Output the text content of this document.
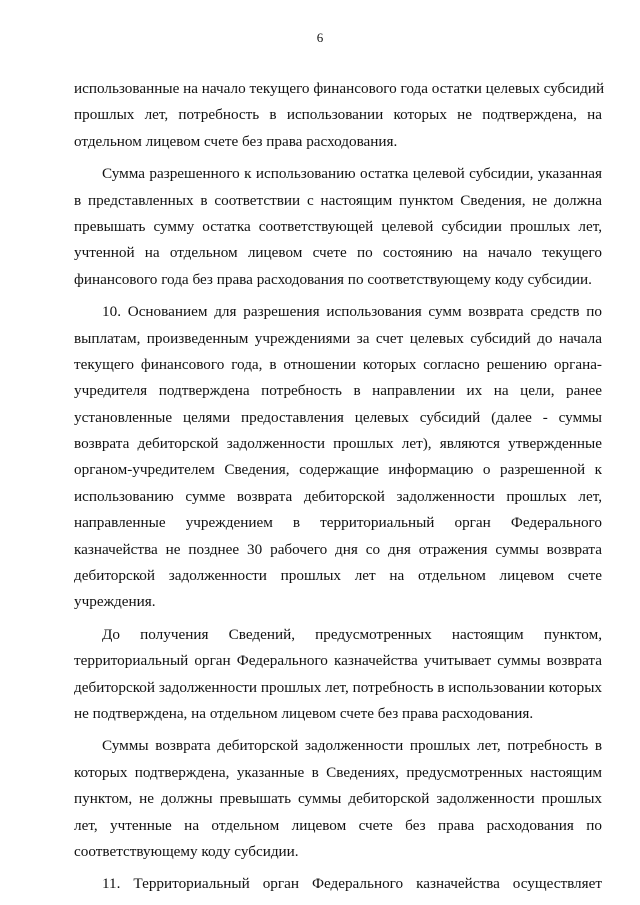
6

использованные на начало текущего финансового года остатки целевых субсидий
прошлых лет, потребность в использовании которых не подтверждена, на
отдельном лицевом счете без права расходования.

Сумма разрешенного к использованию остатка целевой субсидии, указанная
в представленных в соответствии с настоящим пунктом Сведения, не должна
превышать сумму остатка соответствующей целевой субсидии прошлых лет,
учтенной на отдельном лицевом счете по состоянию на начало текущего
финансового года без права расходования по соответствующему коду субсидии.

10. Основанием для разрешения использования сумм возврата средств по
выплатам, произведенным учреждениями за счет целевых субсидий до начала
текущего финансового года, в отношении которых согласно решению органа-
учредителя подтверждена потребность в направлении их на цели, ранее
установленные целями предоставления целевых субсидий (далее - суммы
возврата дебиторской задолженности прошлых лет), являются утвержденные
органом-учредителем Сведения, содержащие информацию о разрешенной к
использованию сумме возврата дебиторской задолженности прошлых лет,
направленные учреждением в территориальный орган Федерального
казначейства не позднее 30 рабочего дня со дня отражения суммы возврата
дебиторской задолженности прошлых лет на отдельном лицевом счете
учреждения.

До получения Сведений, предусмотренных настоящим пунктом,
территориальный орган Федерального казначейства учитывает суммы возврата
дебиторской задолженности прошлых лет, потребность в использовании которых
не подтверждена, на отдельном лицевом счете без права расходования.

Суммы возврата дебиторской задолженности прошлых лет, потребность в
которых подтверждена, указанные в Сведениях, предусмотренных настоящим
пунктом, не должны превышать суммы дебиторской задолженности прошлых
лет, учтенные на отдельном лицевом счете без права расходования по
соответствующему коду субсидии.

11. Территориальный орган Федерального казначейства осуществляет
